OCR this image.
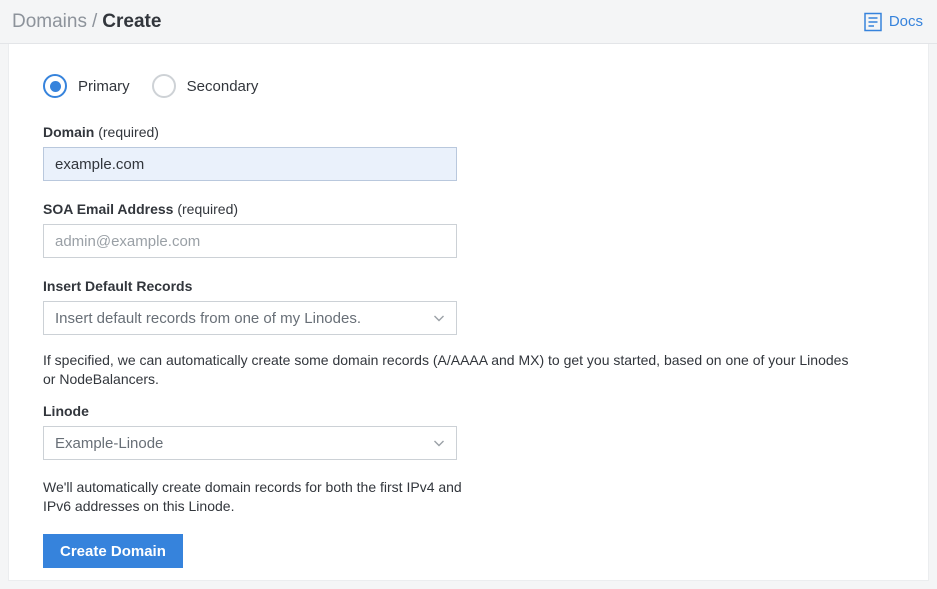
Domains / Create	Docs
Primary	Secondary
Domain (required)
example.com
SOA Email Address (required)
admin@example.com
Insert Default Records
Insert default records from one of my Linodes.
If specified, we can automatically create some domain records (A/AAAA and MX) to get you started, based on one of your Linodes or NodeBalancers.
Linode
Example-Linode
We'll automatically create domain records for both the first IPv4 and IPv6 addresses on this Linode.
Create Domain
